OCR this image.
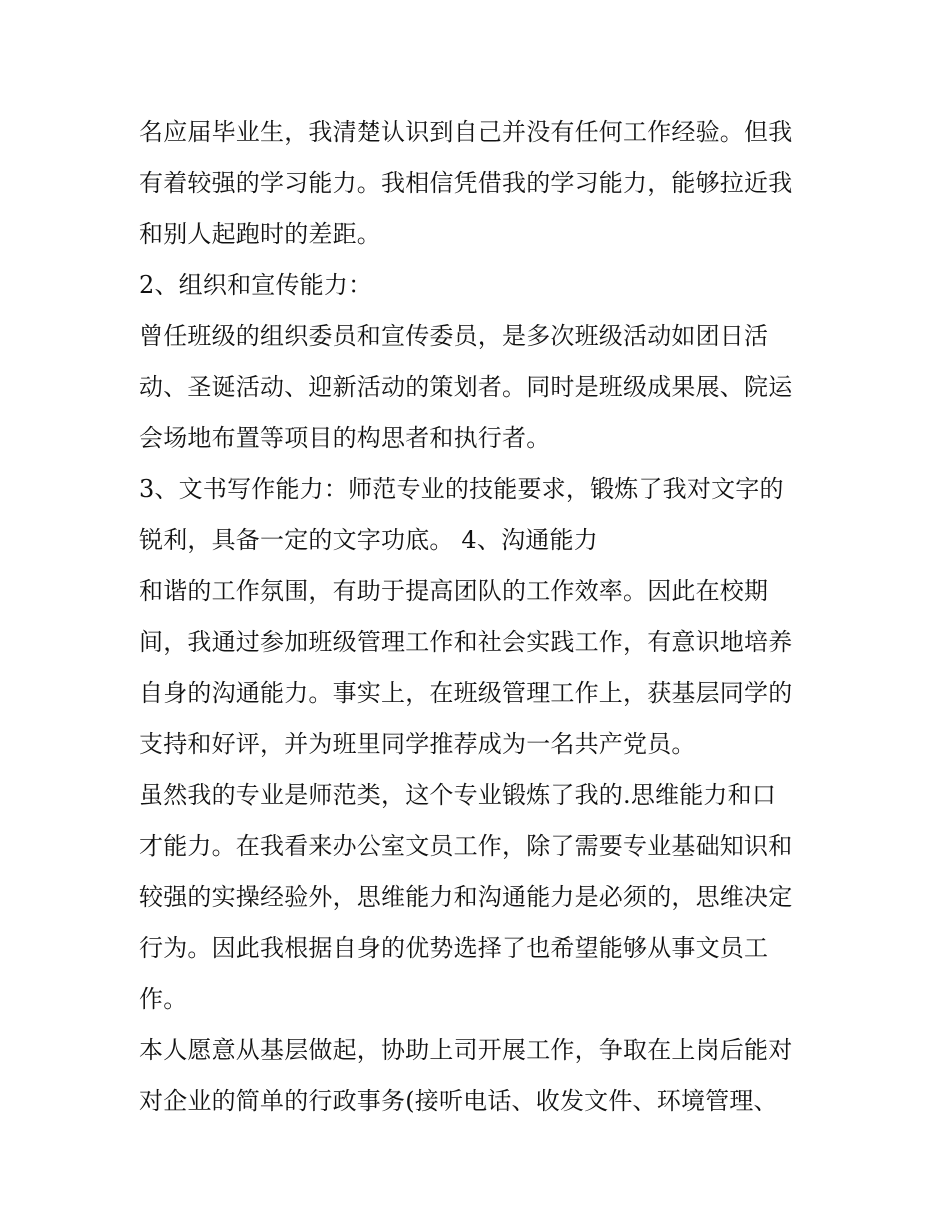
名应届毕业生，我清楚认识到自己并没有任何工作经验。但我
有着较强的学习能力。我相信凭借我的学习能力，能够拉近我
和别人起跑时的差距。
2、组织和宣传能力：
曾任班级的组织委员和宣传委员，是多次班级活动如团日活
动、圣诞活动、迎新活动的策划者。同时是班级成果展、院运
会场地布置等项目的构思者和执行者。
3、文书写作能力：师范专业的技能要求，锻炼了我对文字的
锐利，具备一定的文字功底。 4、沟通能力
和谐的工作氛围，有助于提高团队的工作效率。因此在校期
间，我通过参加班级管理工作和社会实践工作，有意识地培养
自身的沟通能力。事实上，在班级管理工作上，获基层同学的
支持和好评，并为班里同学推荐成为一名共产党员。
虽然我的专业是师范类，这个专业锻炼了我的.思维能力和口
才能力。在我看来办公室文员工作，除了需要专业基础知识和
较强的实操经验外，思维能力和沟通能力是必须的，思维决定
行为。因此我根据自身的优势选择了也希望能够从事文员工
作。
本人愿意从基层做起，协助上司开展工作，争取在上岗后能对
对企业的简单的行政事务(接听电话、收发文件、环境管理、
